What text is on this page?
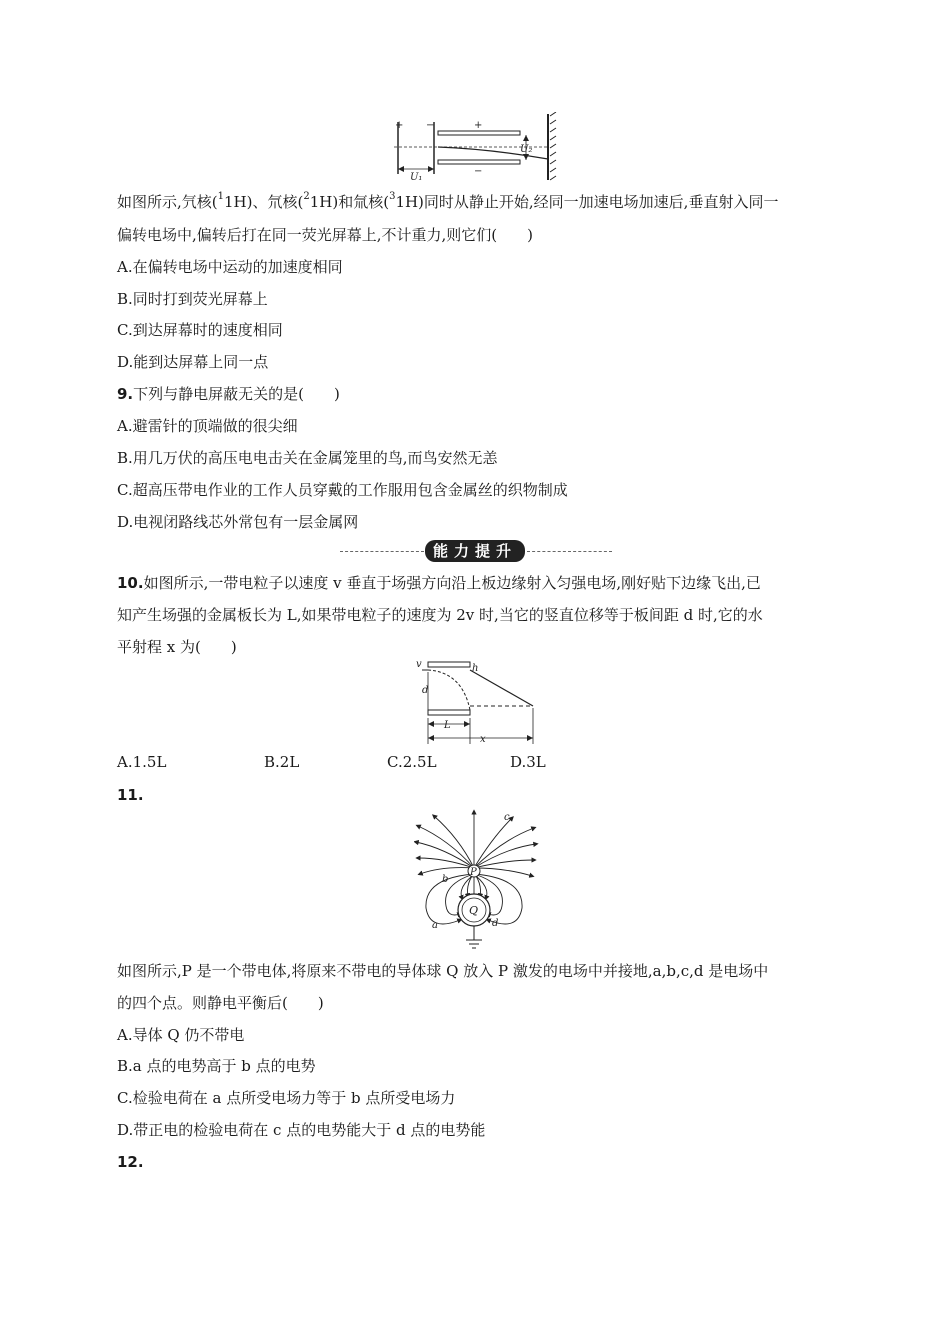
+ −	+
−
U₂
U₁
如图所示,氕核($^1$1H)、氘核($^2$1H)和氚核($^3$1H)同时从静止开始,经同一加速电场加速后,垂直射入同一
偏转电场中,偏转后打在同一荧光屏幕上,不计重力,则它们(　　)
A.在偏转电场中运动的加速度相同
B.同时打到荧光屏幕上
C.到达屏幕时的速度相同
D.能到达屏幕上同一点
9.下列与静电屏蔽无关的是(　　)
A.避雷针的顶端做的很尖细
B.用几万伏的高压电电击关在金属笼里的鸟,而鸟安然无恙
C.超高压带电作业的工作人员穿戴的工作服用包含金属丝的织物制成
D.电视闭路线芯外常包有一层金属网
能力提升
10.如图所示,一带电粒子以速度 v 垂直于场强方向沿上板边缘射入匀强电场,刚好贴下边缘飞出,已
知产生场强的金属板长为 L,如果带电粒子的速度为 2v 时,当它的竖直位移等于板间距 d 时,它的水
平射程 x 为(　　)
v	h
d
L
x
A.1.5L	B.2L	C.2.5L	D.3L
11.
P
Q
a
b
c
d
如图所示,P 是一个带电体,将原来不带电的导体球 Q 放入 P 激发的电场中并接地,a,b,c,d 是电场中
的四个点。则静电平衡后(　　)
A.导体 Q 仍不带电
B.a 点的电势高于 b 点的电势
C.检验电荷在 a 点所受电场力等于 b 点所受电场力
D.带正电的检验电荷在 c 点的电势能大于 d 点的电势能
12.
